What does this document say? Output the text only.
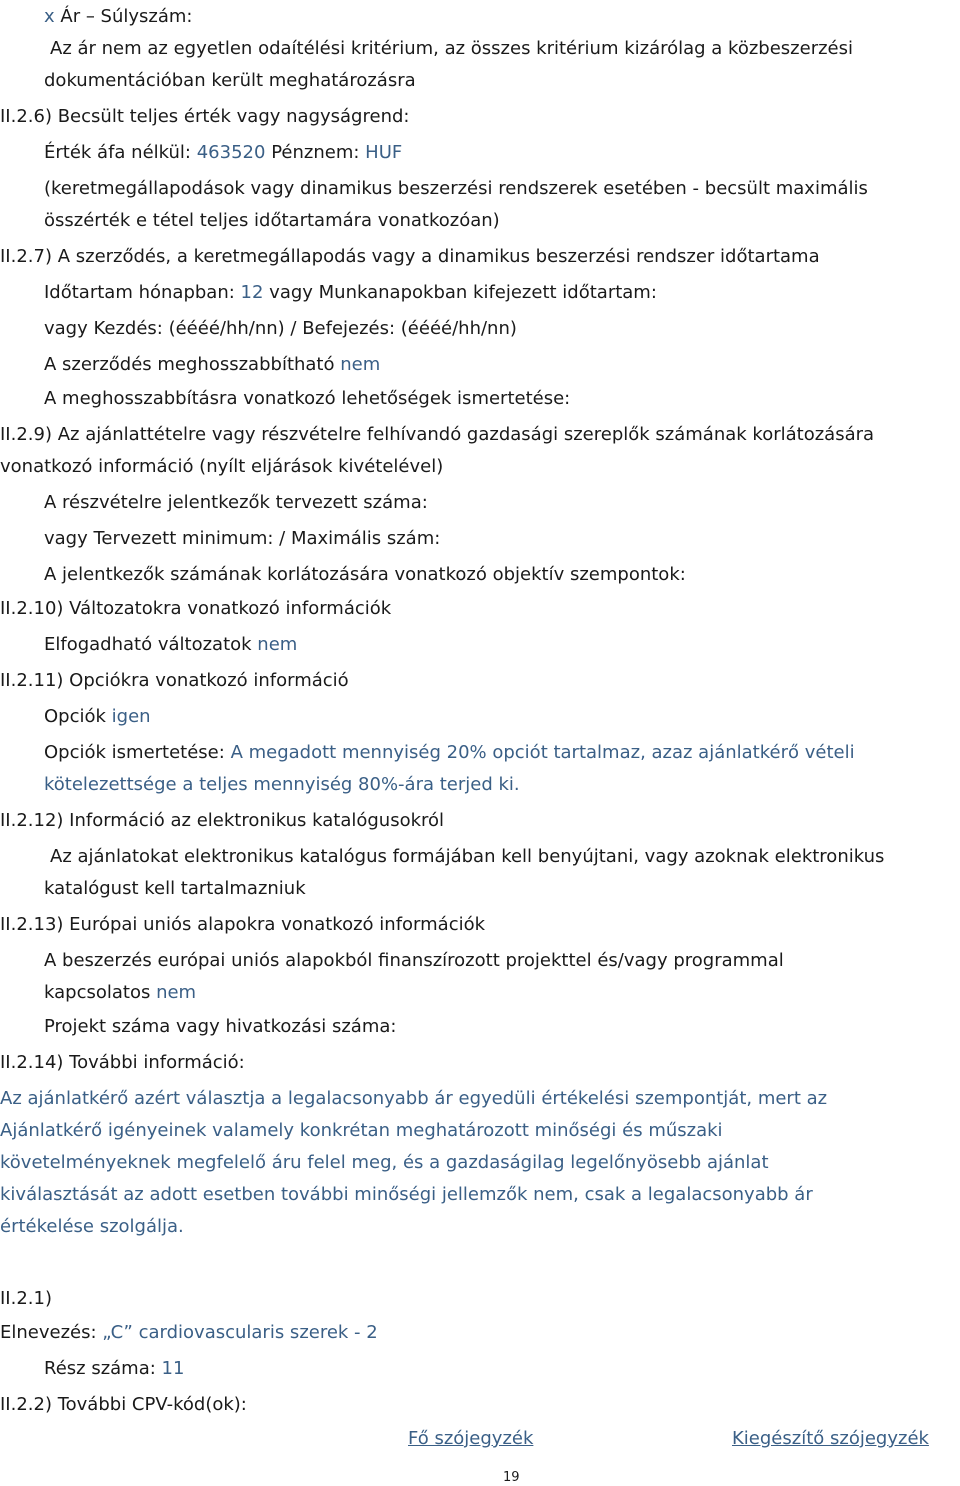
x Ár – Súlyszám:
Az ár nem az egyetlen odaítélési kritérium, az összes kritérium kizárólag a közbeszerzési
dokumentációban került meghatározásra
II.2.6) Becsült teljes érték vagy nagyságrend:
Érték áfa nélkül: 463520 Pénznem: HUF
(keretmegállapodások vagy dinamikus beszerzési rendszerek esetében - becsült maximális
összérték e tétel teljes időtartamára vonatkozóan)
II.2.7) A szerződés, a keretmegállapodás vagy a dinamikus beszerzési rendszer időtartama
Időtartam hónapban: 12 vagy Munkanapokban kifejezett időtartam:
vagy Kezdés: (éééé/hh/nn) / Befejezés: (éééé/hh/nn)
A szerződés meghosszabbítható nem
A meghosszabbításra vonatkozó lehetőségek ismertetése:
II.2.9) Az ajánlattételre vagy részvételre felhívandó gazdasági szereplők számának korlátozására
vonatkozó információ (nyílt eljárások kivételével)
A részvételre jelentkezők tervezett száma:
vagy Tervezett minimum: / Maximális szám:
A jelentkezők számának korlátozására vonatkozó objektív szempontok:
II.2.10) Változatokra vonatkozó információk
Elfogadható változatok nem
II.2.11) Opciókra vonatkozó információ
Opciók igen
Opciók ismertetése: A megadott mennyiség 20% opciót tartalmaz, azaz ajánlatkérő vételi
kötelezettsége a teljes mennyiség 80%-ára terjed ki.
II.2.12) Információ az elektronikus katalógusokról
Az ajánlatokat elektronikus katalógus formájában kell benyújtani, vagy azoknak elektronikus
katalógust kell tartalmazniuk
II.2.13) Európai uniós alapokra vonatkozó információk
A beszerzés európai uniós alapokból finanszírozott projekttel és/vagy programmal
kapcsolatos nem
Projekt száma vagy hivatkozási száma:
II.2.14) További információ:
Az ajánlatkérő azért választja a legalacsonyabb ár egyedüli értékelési szempontját, mert az
Ajánlatkérő igényeinek valamely konkrétan meghatározott minőségi és műszaki
követelményeknek megfelelő áru felel meg, és a gazdaságilag legelőnyösebb ajánlat
kiválasztását az adott esetben további minőségi jellemzők nem, csak a legalacsonyabb ár
értékelése szolgálja.
II.2.1)
Elnevezés: „C” cardiovascularis szerek - 2
Rész száma: 11
II.2.2) További CPV-kód(ok):
Fő szójegyzék	Kiegészítő szójegyzék
19
